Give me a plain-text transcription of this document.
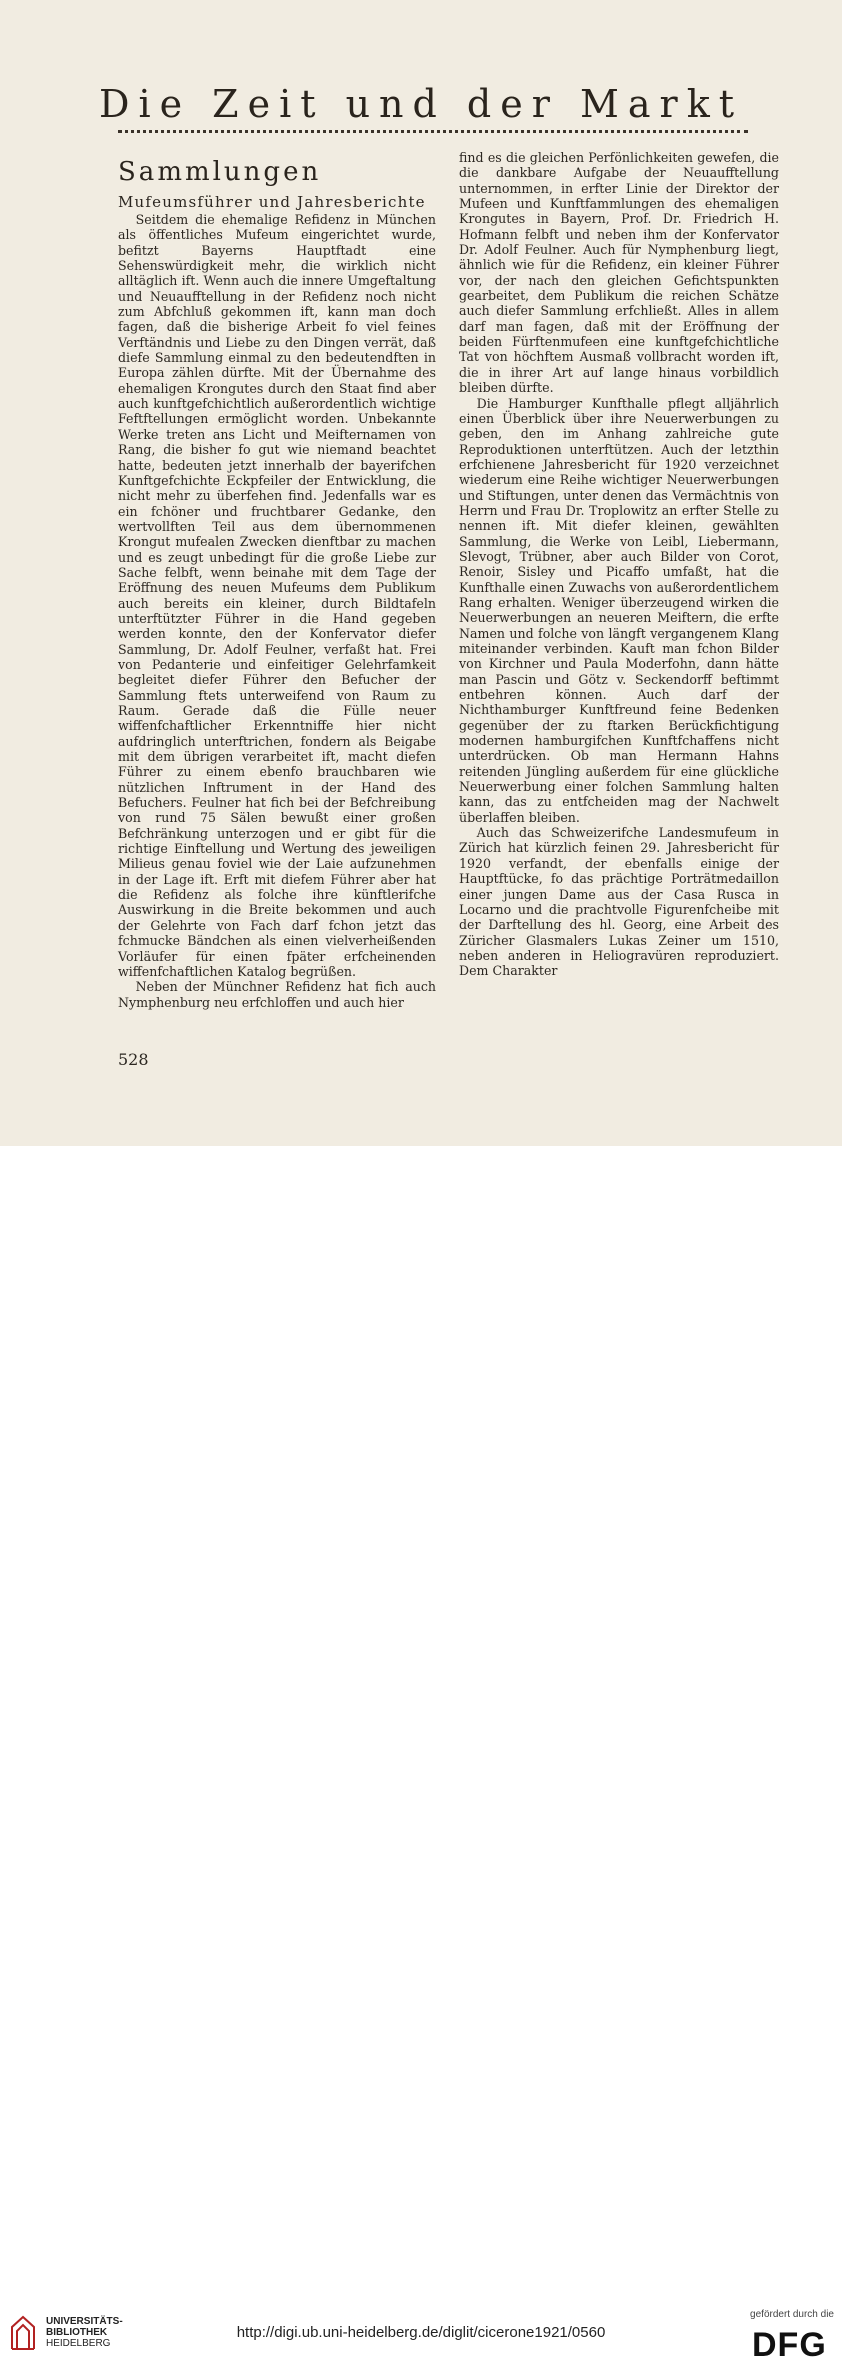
Die Zeit und der Markt
Sammlungen
Mufeumsführer und Jahresberichte

Seitdem die ehemalige Refidenz in München als öffentliches Mufeum eingerichtet wurde, befitzt Bayerns Hauptftadt eine Sehenswürdigkeit mehr, die wirklich nicht alltäglich ift. Wenn auch die innere Umgeftaltung und Neuaufftellung in der Refidenz noch nicht zum Abfchluß gekommen ift, kann man doch fagen, daß die bisherige Arbeit fo viel feines Verftändnis und Liebe zu den Dingen verrät, daß diefe Sammlung einmal zu den bedeutendften in Europa zählen dürfte. Mit der Übernahme des ehemaligen Krongutes durch den Staat find aber auch kunftgefchichtlich außerordentlich wichtige Feftftellungen ermöglicht worden. Unbekannte Werke treten ans Licht und Meifternamen von Rang, die bisher fo gut wie niemand beachtet hatte, bedeuten jetzt innerhalb der bayerifchen Kunftgefchichte Eckpfeiler der Entwicklung, die nicht mehr zu überfehen find. Jedenfalls war es ein fchöner und fruchtbarer Gedanke, den wertvollften Teil aus dem übernommenen Krongut mufealen Zwecken dienftbar zu machen und es zeugt unbedingt für die große Liebe zur Sache felbft, wenn beinahe mit dem Tage der Eröffnung des neuen Mufeums dem Publikum auch bereits ein kleiner, durch Bildtafeln unterftützter Führer in die Hand gegeben werden konnte, den der Konfervator diefer Sammlung, Dr. Adolf Feulner, verfaßt hat. Frei von Pedanterie und einfeitiger Gelehrfamkeit begleitet diefer Führer den Befucher der Sammlung ftets unterweifend von Raum zu Raum. Gerade daß die Fülle neuer wiffenfchaftlicher Erkenntniffe hier nicht aufdringlich unterftrichen, fondern als Beigabe mit dem übrigen verarbeitet ift, macht diefen Führer zu einem ebenfo brauchbaren wie nützlichen Inftrument in der Hand des Befuchers. Feulner hat fich bei der Befchreibung von rund 75 Sälen bewußt einer großen Befchränkung unterzogen und er gibt für die richtige Einftellung und Wertung des jeweiligen Milieus genau foviel wie der Laie aufzunehmen in der Lage ift. Erft mit diefem Führer aber hat die Refidenz als folche ihre künftlerifche Auswirkung in die Breite bekommen und auch der Gelehrte von Fach darf fchon jetzt das fchmucke Bändchen als einen vielverheißenden Vorläufer für einen fpäter erfcheinenden wiffenfchaftlichen Katalog begrüßen.

Neben der Münchner Refidenz hat fich auch Nymphenburg neu erfchloffen und auch hier

find es die gleichen Perfönlichkeiten gewefen, die die dankbare Aufgabe der Neuaufftellung unternommen, in erfter Linie der Direktor der Mufeen und Kunftfammlungen des ehemaligen Krongutes in Bayern, Prof. Dr. Friedrich H. Hofmann felbft und neben ihm der Konfervator Dr. Adolf Feulner. Auch für Nymphenburg liegt, ähnlich wie für die Refidenz, ein kleiner Führer vor, der nach den gleichen Gefichtspunkten gearbeitet, dem Publikum die reichen Schätze auch diefer Sammlung erfchließt. Alles in allem darf man fagen, daß mit der Eröffnung der beiden Fürftenmufeen eine kunftgefchichtliche Tat von höchftem Ausmaß vollbracht worden ift, die in ihrer Art auf lange hinaus vorbildlich bleiben dürfte.

Die Hamburger Kunfthalle pflegt alljährlich einen Überblick über ihre Neuerwerbungen zu geben, den im Anhang zahlreiche gute Reproduktionen unterftützen. Auch der letzthin erfchienene Jahresbericht für 1920 verzeichnet wiederum eine Reihe wichtiger Neuerwerbungen und Stiftungen, unter denen das Vermächtnis von Herrn und Frau Dr. Troplowitz an erfter Stelle zu nennen ift. Mit diefer kleinen, gewählten Sammlung, die Werke von Leibl, Liebermann, Slevogt, Trübner, aber auch Bilder von Corot, Renoir, Sisley und Picaffo umfaßt, hat die Kunfthalle einen Zuwachs von außerordentlichem Rang erhalten. Weniger überzeugend wirken die Neuerwerbungen an neueren Meiftern, die erfte Namen und folche von längft vergangenem Klang miteinander verbinden. Kauft man fchon Bilder von Kirchner und Paula Moderfohn, dann hätte man Pascin und Götz v. Seckendorff beftimmt entbehren können. Auch darf der Nichthamburger Kunftfreund feine Bedenken gegenüber der zu ftarken Berückfichtigung modernen hamburgifchen Kunftfchaffens nicht unterdrücken. Ob man Hermann Hahns reitenden Jüngling außerdem für eine glückliche Neuerwerbung einer folchen Sammlung halten kann, das zu entfcheiden mag der Nachwelt überlaffen bleiben.

Auch das Schweizerifche Landesmufeum in Zürich hat kürzlich feinen 29. Jahresbericht für 1920 verfandt, der ebenfalls einige der Hauptftücke, fo das prächtige Porträtmedaillon einer jungen Dame aus der Casa Rusca in Locarno und die prachtvolle Figurenfcheibe mit der Darftellung des hl. Georg, eine Arbeit des Züricher Glasmalers Lukas Zeiner um 1510, neben anderen in Heliogravüren reproduziert. Dem Charakter

528
UNIVERSITÄTS-
BIBLIOTHEK
HEIDELBERG
http://digi.ub.uni-heidelberg.de/diglit/cicerone1921/0560
gefördert durch die
DFG
